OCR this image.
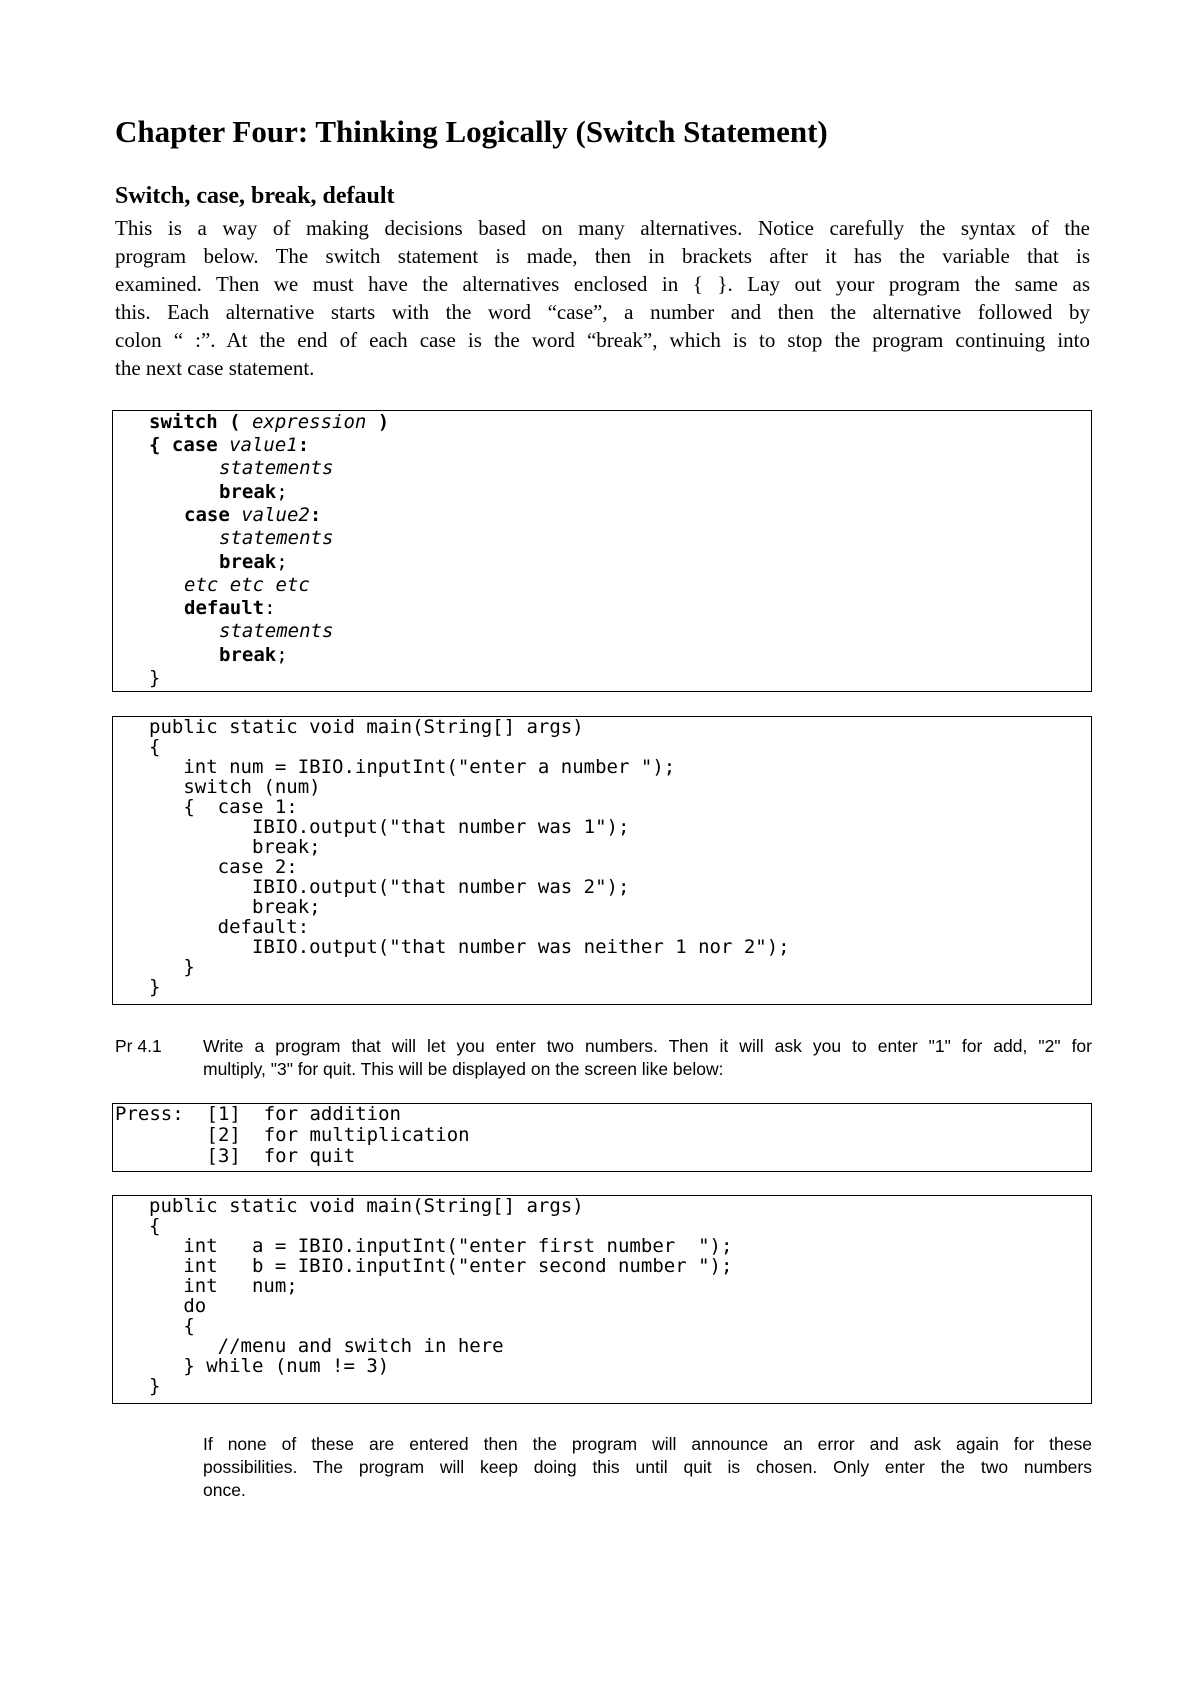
Chapter Four: Thinking Logically (Switch Statement)
Switch, case, break, default

This is a way of making decisions based on many alternatives. Notice carefully the syntax of the

program below. The switch statement is made, then in brackets after it has the variable that is

examined. Then we must have the alternatives enclosed in { }. Lay out your program the same as

this. Each alternative starts with the word “case”, a number and then the alternative followed by

colon “ :”. At the end of each case is the word “break”, which is to stop the program continuing into

the next case statement.

switch ( expression )
{ case value1:
statements
break;
case value2:
statements
break;
etc etc etc
default:
statements
break;
}
public static void main(String[] args)
{
int num = IBIO.inputInt("enter a number ");
switch (num)
{  case 1:
IBIO.output("that number was 1");
break;
case 2:
IBIO.output("that number was 2");
break;
default:
IBIO.output("that number was neither 1 nor 2");
}
}

Pr 4.1 Write a program that will let you enter two numbers. Then it will ask you to enter "1" for add, "2" for

multiply, "3" for quit. This will be displayed on the screen like below:

Press:  [1]  for addition
[2]  for multiplication
[3]  for quit
public static void main(String[] args)
{
int   a = IBIO.inputInt("enter first number  ");
int   b = IBIO.inputInt("enter second number ");
int   num;
do
{
//menu and switch in here
} while (num != 3)
}

If none of these are entered then the program will announce an error and ask again for these

possibilities. The program will keep doing this until quit is chosen. Only enter the two numbers

once.
